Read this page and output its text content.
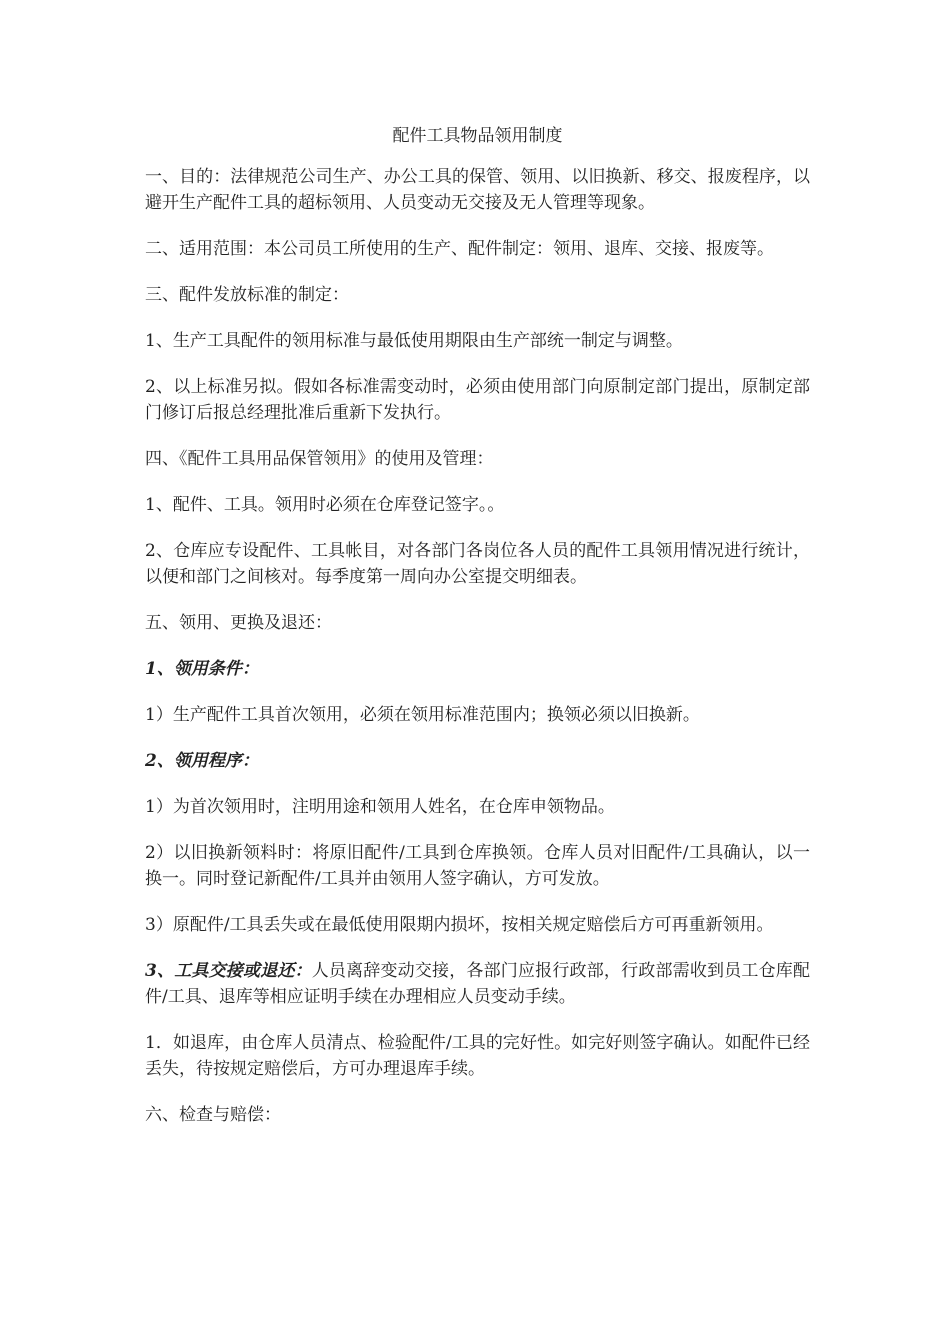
配件工具物品领用制度

一、目的：法律规范公司生产、办公工具的保管、领用、以旧换新、移交、报废程序，以避开生产配件工具的超标领用、人员变动无交接及无人管理等现象。

二、适用范围：本公司员工所使用的生产、配件制定：领用、退库、交接、报废等。

三、配件发放标准的制定：

1、生产工具配件的领用标准与最低使用期限由生产部统一制定与调整。

2、以上标准另拟。假如各标准需变动时，必须由使用部门向原制定部门提出，原制定部门修订后报总经理批准后重新下发执行。

四、《配件工具用品保管领用》的使用及管理：

1、配件、工具。领用时必须在仓库登记签字。。

2、仓库应专设配件、工具帐目，对各部门各岗位各人员的配件工具领用情况进行统计，以便和部门之间核对。每季度第一周向办公室提交明细表。

五、领用、更换及退还：

1、领用条件：

1）生产配件工具首次领用，必须在领用标准范围内；换领必须以旧换新。

2、领用程序：

1）为首次领用时，注明用途和领用人姓名，在仓库申领物品。

2）以旧换新领料时：将原旧配件/工具到仓库换领。仓库人员对旧配件/工具确认，以一换一。同时登记新配件/工具并由领用人签字确认，方可发放。

3）原配件/工具丢失或在最低使用限期内损坏，按相关规定赔偿后方可再重新领用。

3、工具交接或退还：人员离辞变动交接，各部门应报行政部，行政部需收到员工仓库配件/工具、退库等相应证明手续在办理相应人员变动手续。

1．如退库，由仓库人员清点、检验配件/工具的完好性。如完好则签字确认。如配件已经丢失，待按规定赔偿后，方可办理退库手续。

六、检查与赔偿：
